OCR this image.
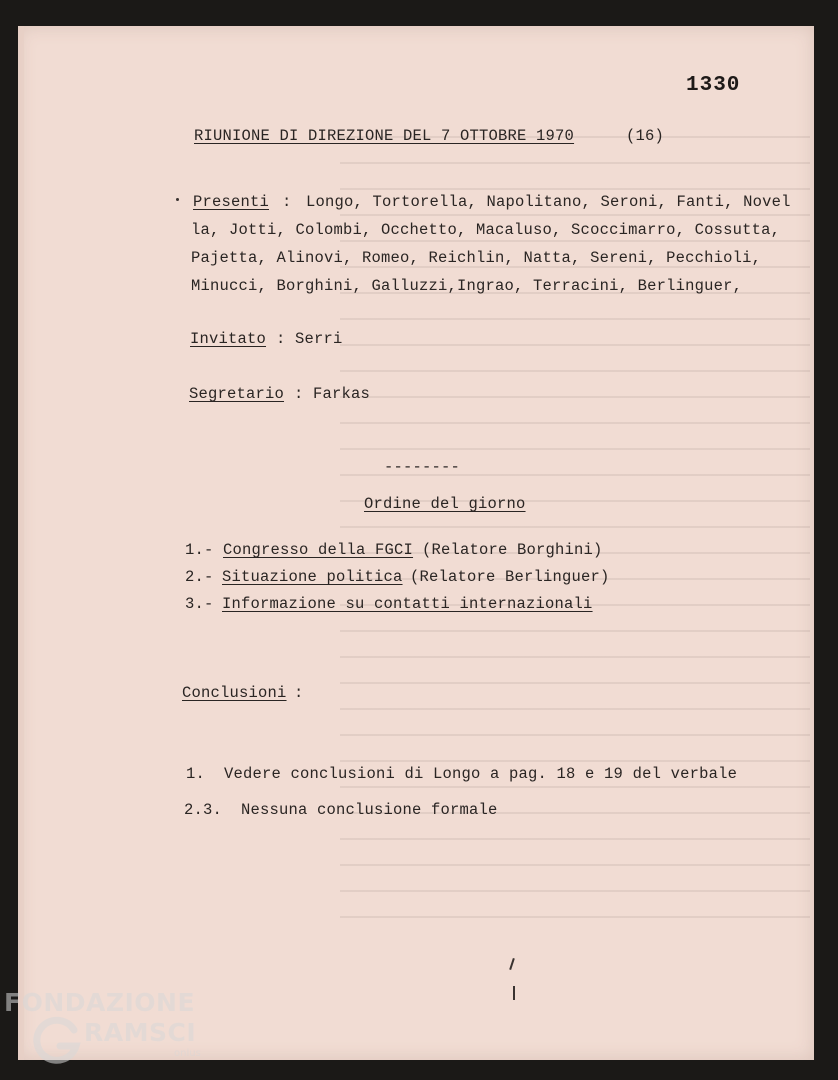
1330
RIUNIONE DI DIREZIONE DEL 7 OTTOBRE 1970	(16)
Presenti : Longo, Tortorella, Napolitano, Seroni, Fanti, Novel
la, Jotti, Colombi, Occhetto, Macaluso, Scoccimarro, Cossutta,
Pajetta, Alinovi, Romeo, Reichlin, Natta, Sereni, Pecchioli,
Minucci, Borghini, Galluzzi,Ingrao, Terracini, Berlinguer,
Invitato : Serri
Segretario : Farkas
--------
Ordine del giorno
1.- Congresso della FGCI (Relatore Borghini)
2.- Situazione politica (Relatore Berlinguer)
3.- Informazione su contatti internazionali
Conclusioni :
1. Vedere conclusioni di Longo a pag. 18 e 19 del verbale
2.3. Nessuna conclusione formale
FONDAZIONE
RAMSCI
onlus
